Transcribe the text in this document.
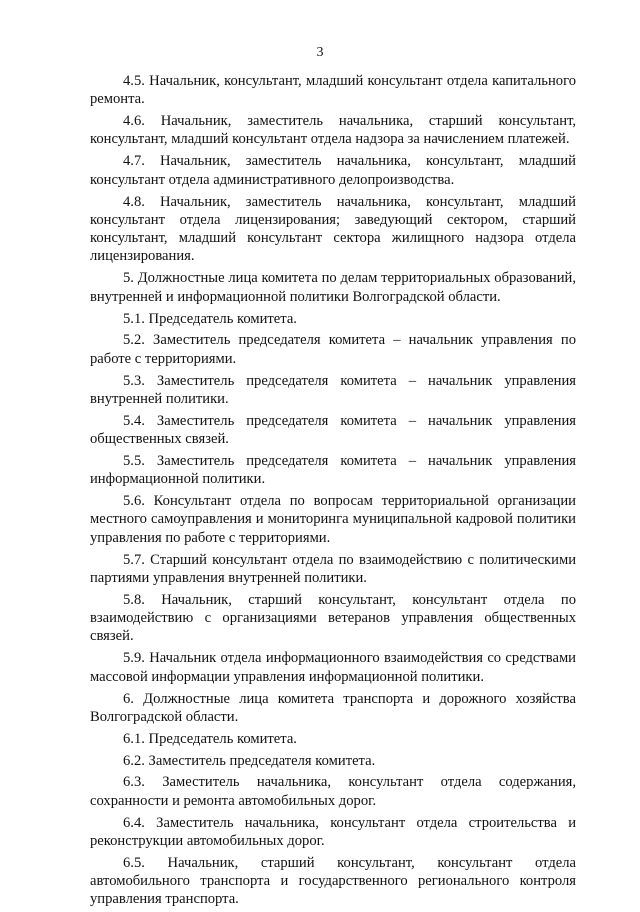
3

4.5. Начальник, консультант, младший консультант отдела капитального ремонта.

4.6. Начальник, заместитель начальника, старший консультант, консультант, младший консультант отдела надзора за начислением платежей.

4.7. Начальник, заместитель начальника, консультант, младший консультант отдела административного делопроизводства.

4.8. Начальник, заместитель начальника, консультант, младший консультант отдела лицензирования; заведующий сектором, старший консультант, младший консультант сектора жилищного надзора отдела лицензирования.

5. Должностные лица комитета по делам территориальных образований, внутренней и информационной политики Волгоградской области.

5.1. Председатель комитета.

5.2. Заместитель председателя комитета – начальник управления по работе с территориями.

5.3. Заместитель председателя комитета – начальник управления внутренней политики.

5.4. Заместитель председателя комитета – начальник управления общественных связей.

5.5. Заместитель председателя комитета – начальник управления информационной политики.

5.6. Консультант отдела по вопросам территориальной организации местного самоуправления и мониторинга муниципальной кадровой политики управления по работе с территориями.

5.7. Старший консультант отдела по взаимодействию с политическими партиями управления внутренней политики.

5.8. Начальник, старший консультант, консультант отдела по взаимодействию с организациями ветеранов управления общественных связей.

5.9. Начальник отдела информационного взаимодействия со средствами массовой информации управления информационной политики.

6. Должностные лица комитета транспорта и дорожного хозяйства Волгоградской области.

6.1. Председатель комитета.

6.2. Заместитель председателя комитета.

6.3. Заместитель начальника, консультант отдела содержания, сохранности и ремонта автомобильных дорог.

6.4. Заместитель начальника, консультант отдела строительства и реконструкции автомобильных дорог.

6.5. Начальник, старший консультант, консультант отдела автомобильного транспорта и государственного регионального контроля управления транспорта.
